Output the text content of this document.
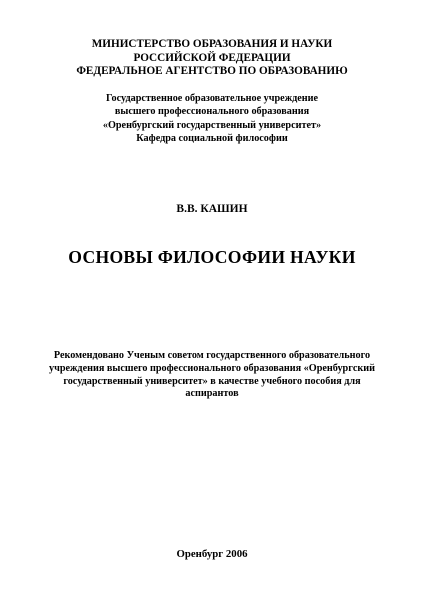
МИНИСТЕРСТВО ОБРАЗОВАНИЯ И НАУКИ
РОССИЙСКОЙ ФЕДЕРАЦИИ
ФЕДЕРАЛЬНОЕ АГЕНТСТВО ПО ОБРАЗОВАНИЮ
Государственное образовательное учреждение
высшего профессионального образования
«Оренбургский государственный университет»
Кафедра социальной философии
В.В. КАШИН
ОСНОВЫ ФИЛОСОФИИ НАУКИ
Рекомендовано Ученым советом государственного образовательного
учреждения высшего профессионального образования «Оренбургский
государственный университет» в качестве учебного пособия для
аспирантов
Оренбург 2006
